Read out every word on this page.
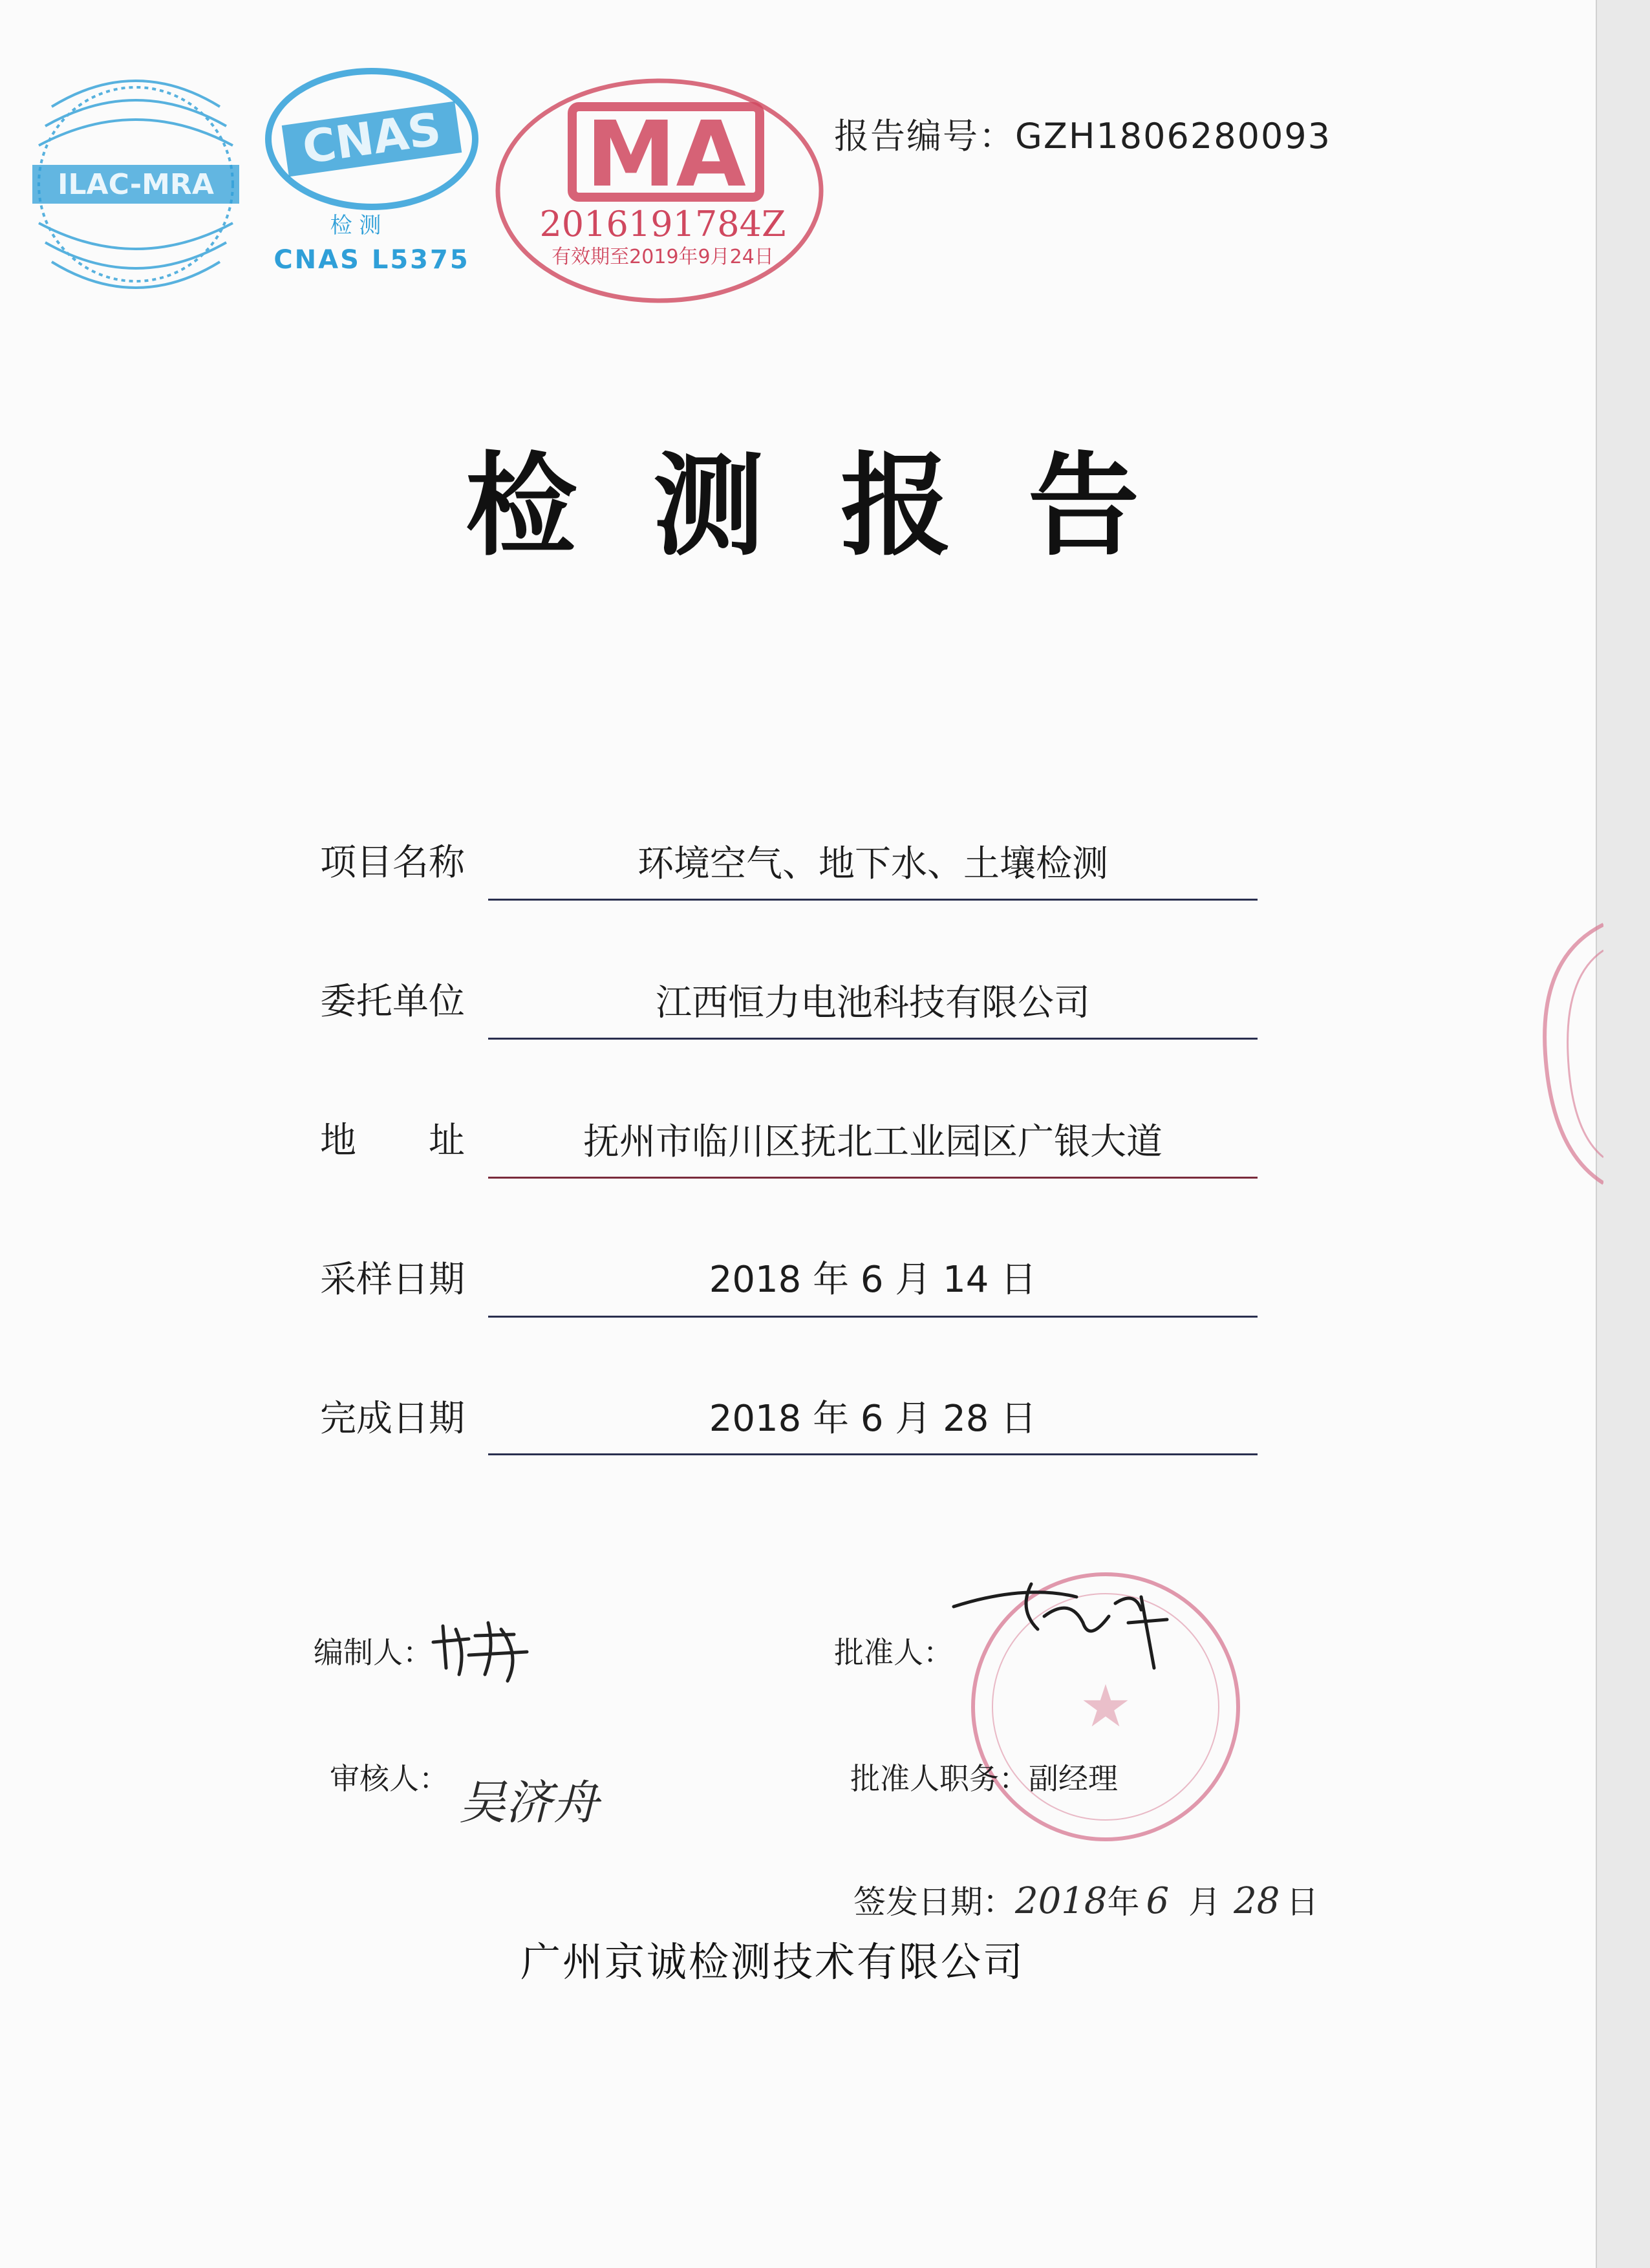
ILAC-MRA
CNAS
检 测
CNAS L5375
MA
2016191784Z
有效期至2019年9月24日
报告编号：GZH1806280093
检测报告
项目名称	环境空气、地下水、土壤检测
委托单位	江西恒力电池科技有限公司
地　　址	抚州市临川区抚北工业园区广银大道
采样日期	2018 年 6 月 14 日
完成日期	2018 年 6 月 28 日
编制人：	批准人：
★
审核人： 吴济舟	批准人职务：副经理
签发日期：2018年 6 月 28 日
广州京诚检测技术有限公司
